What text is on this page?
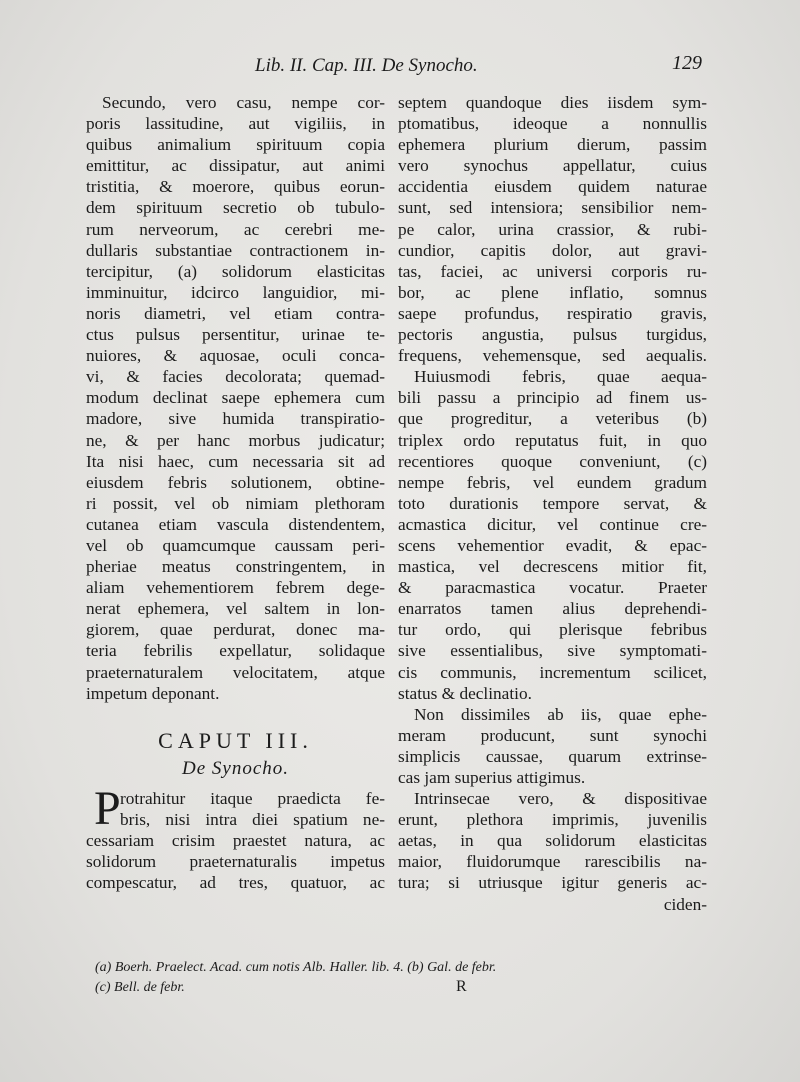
Lib. II. Cap. III. De Synocho.	129
Secundo, vero casu, nempe cor-
poris lassitudine, aut vigiliis, in
quibus animalium spirituum copia
emittitur, ac dissipatur, aut animi
tristitia, & moerore, quibus eorun-
dem spirituum secretio ob tubulo-
rum nerveorum, ac cerebri me-
dullaris substantiae contractionem in-
tercipitur, (a) solidorum elasticitas
imminuitur, idcirco languidior, mi-
noris diametri, vel etiam contra-
ctus pulsus persentitur, urinae te-
nuiores, & aquosae, oculi conca-
vi, & facies decolorata; quemad-
modum declinat saepe ephemera cum
madore, sive humida transpiratio-
ne, & per hanc morbus judicatur;
Ita nisi haec, cum necessaria sit ad
eiusdem febris solutionem, obtine-
ri possit, vel ob nimiam plethoram
cutanea etiam vascula distendentem,
vel ob quamcumque caussam peri-
pheriae meatus constringentem, in
aliam vehementiorem febrem dege-
nerat ephemera, vel saltem in lon-
giorem, quae perdurat, donec ma-
teria febrilis expellatur, solidaque
praeternaturalem velocitatem, atque
impetum deponant.
CAPUT III.
De Synocho.
P rotrahitur itaque praedicta fe-
bris, nisi intra diei spatium ne-
cessariam crisim praestet natura, ac
solidorum praeternaturalis impetus
compescatur, ad tres, quatuor, ac
septem quandoque dies iisdem sym-
ptomatibus, ideoque a nonnullis
ephemera plurium dierum, passim
vero synochus appellatur, cuius
accidentia eiusdem quidem naturae
sunt, sed intensiora; sensibilior nem-
pe calor, urina crassior, & rubi-
cundior, capitis dolor, aut gravi-
tas, faciei, ac universi corporis ru-
bor, ac plene inflatio, somnus
saepe profundus, respiratio gravis,
pectoris angustia, pulsus turgidus,
frequens, vehemensque, sed aequalis.
Huiusmodi febris, quae aequa-
bili passu a principio ad finem us-
que progreditur, a veteribus (b)
triplex ordo reputatus fuit, in quo
recentiores quoque conveniunt, (c)
nempe febris, vel eundem gradum
toto durationis tempore servat, &
acmastica dicitur, vel continue cre-
scens vehementior evadit, & epac-
mastica, vel decrescens mitior fit,
& paracmastica vocatur. Praeter
enarratos tamen alius deprehendi-
tur ordo, qui plerisque febribus
sive essentialibus, sive symptomati-
cis communis, incrementum scilicet,
status & declinatio.
Non dissimiles ab iis, quae ephe-
meram producunt, sunt synochi
simplicis caussae, quarum extrinse-
cas jam superius attigimus.
Intrinsecae vero, & dispositivae
erunt, plethora imprimis, juvenilis
aetas, in qua solidorum elasticitas
maior, fluidorumque rarescibilis na-
tura; si utriusque igitur generis ac-
ciden-
(a) Boerh. Praelect. Acad. cum notis Alb. Haller. lib. 4. (b) Gal. de febr.
(c) Bell. de febr.	R
